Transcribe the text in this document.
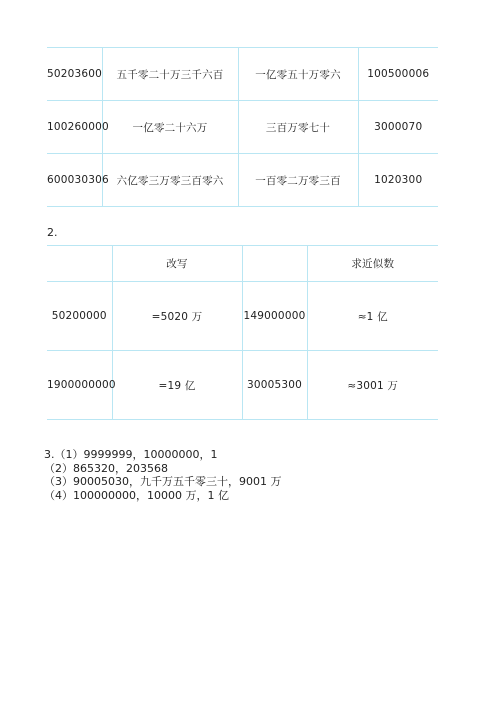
50203600	五千零二十万三千六百	一亿零五十万零六	100500006
100260000	一亿零二十六万	三百万零七十	3000070
600030306	六亿零三万零三百零六	一百零二万零三百	1020300
2.
	改写		求近似数
50200000	=5020 万	149000000	≈1 亿
1900000000	=19 亿	30005300	≈3001 万
3.（1）9999999，10000000，1
（2）865320，203568
（3）90005030，九千万五千零三十，9001 万
（4）100000000，10000 万，1 亿
